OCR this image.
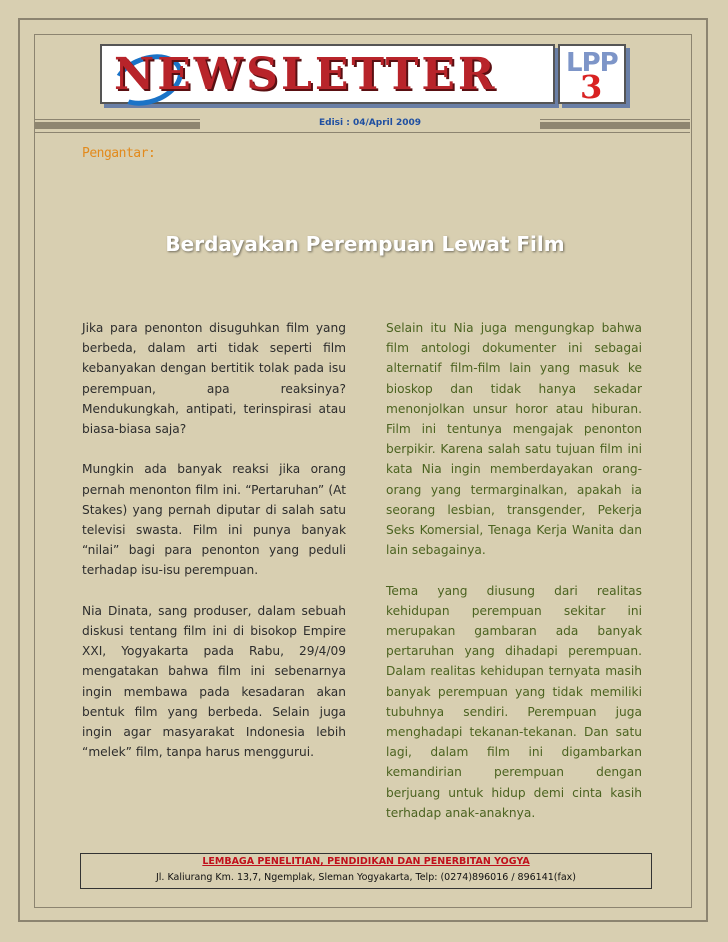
NEWSLETTER	LPP
3
Edisi : 04/April 2009
Pengantar:
Berdayakan Perempuan Lewat Film

Jika para penonton disuguhkan film yang berbeda, dalam arti tidak seperti film kebanyakan dengan bertitik tolak pada isu perempuan, apa reaksinya? Mendukungkah, antipati, terinspirasi atau biasa-biasa saja?

Mungkin ada banyak reaksi jika orang pernah menonton film ini. “Pertaruhan” (At Stakes) yang pernah diputar di salah satu televisi swasta. Film ini punya banyak “nilai” bagi para penonton yang peduli terhadap isu-isu perempuan.

Nia Dinata, sang produser, dalam sebuah diskusi tentang film ini di bisokop Empire XXI, Yogyakarta pada Rabu, 29/4/09 mengatakan bahwa film ini sebenarnya ingin membawa pada kesadaran akan bentuk film yang berbeda. Selain juga ingin agar masyarakat Indonesia lebih “melek” film, tanpa harus menggurui.

Selain itu Nia juga mengungkap bahwa film antologi dokumenter ini sebagai alternatif film-film lain yang masuk ke bioskop dan tidak hanya sekadar menonjolkan unsur horor atau hiburan. Film ini tentunya mengajak penonton berpikir. Karena salah satu tujuan film ini kata Nia ingin memberdayakan orang-orang yang termarginalkan, apakah ia seorang lesbian, transgender, Pekerja Seks Komersial, Tenaga Kerja Wanita dan lain sebagainya.

Tema yang diusung dari realitas kehidupan perempuan sekitar ini merupakan gambaran ada banyak pertaruhan yang dihadapi perempuan. Dalam realitas kehidupan ternyata masih banyak perempuan yang tidak memiliki tubuhnya sendiri. Perempuan juga menghadapi tekanan-tekanan. Dan satu lagi, dalam film ini digambarkan kemandirian perempuan dengan berjuang untuk hidup demi cinta kasih terhadap anak-anaknya.

LEMBAGA PENELITIAN, PENDIDIKAN DAN PENERBITAN YOGYA
Jl. Kaliurang Km. 13,7, Ngemplak, Sleman Yogyakarta, Telp: (0274)896016 / 896141(fax)
